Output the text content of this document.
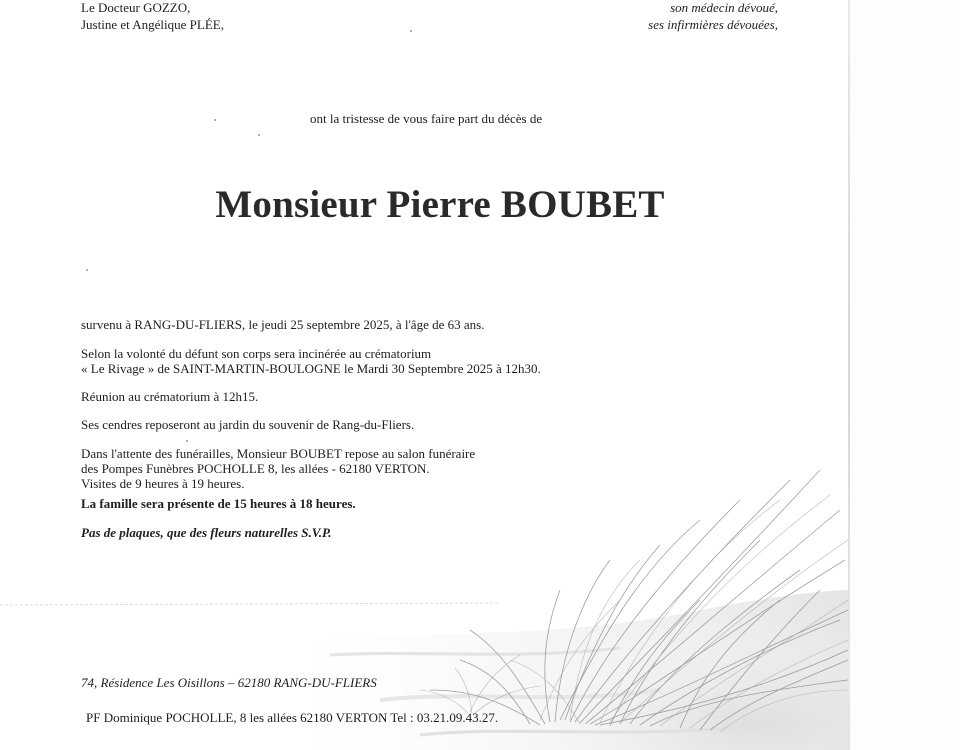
Le Docteur GOZZO,
Justine et Angélique PLÉE,
son médecin dévoué,
ses infirmières dévouées,
ont la tristesse de vous faire part du décès de
Monsieur Pierre BOUBET
survenu à RANG-DU-FLIERS, le jeudi 25 septembre 2025, à l'âge de 63 ans.
Selon la volonté du défunt son corps sera incinérée au crématorium
« Le Rivage » de SAINT-MARTIN-BOULOGNE le Mardi 30 Septembre 2025 à 12h30.
Réunion au crématorium à 12h15.
Ses cendres reposeront au jardin du souvenir de Rang-du-Fliers.
Dans l'attente des funérailles, Monsieur BOUBET repose au salon funéraire
des Pompes Funèbres POCHOLLE 8, les allées - 62180 VERTON.
Visites de 9 heures à 19 heures.
La famille sera présente de 15 heures à 18 heures.
Pas de plaques, que des fleurs naturelles S.V.P.
74, Résidence Les Oisillons – 62180 RANG-DU-FLIERS
PF Dominique POCHOLLE, 8 les allées 62180 VERTON Tel : 03.21.09.43.27.
